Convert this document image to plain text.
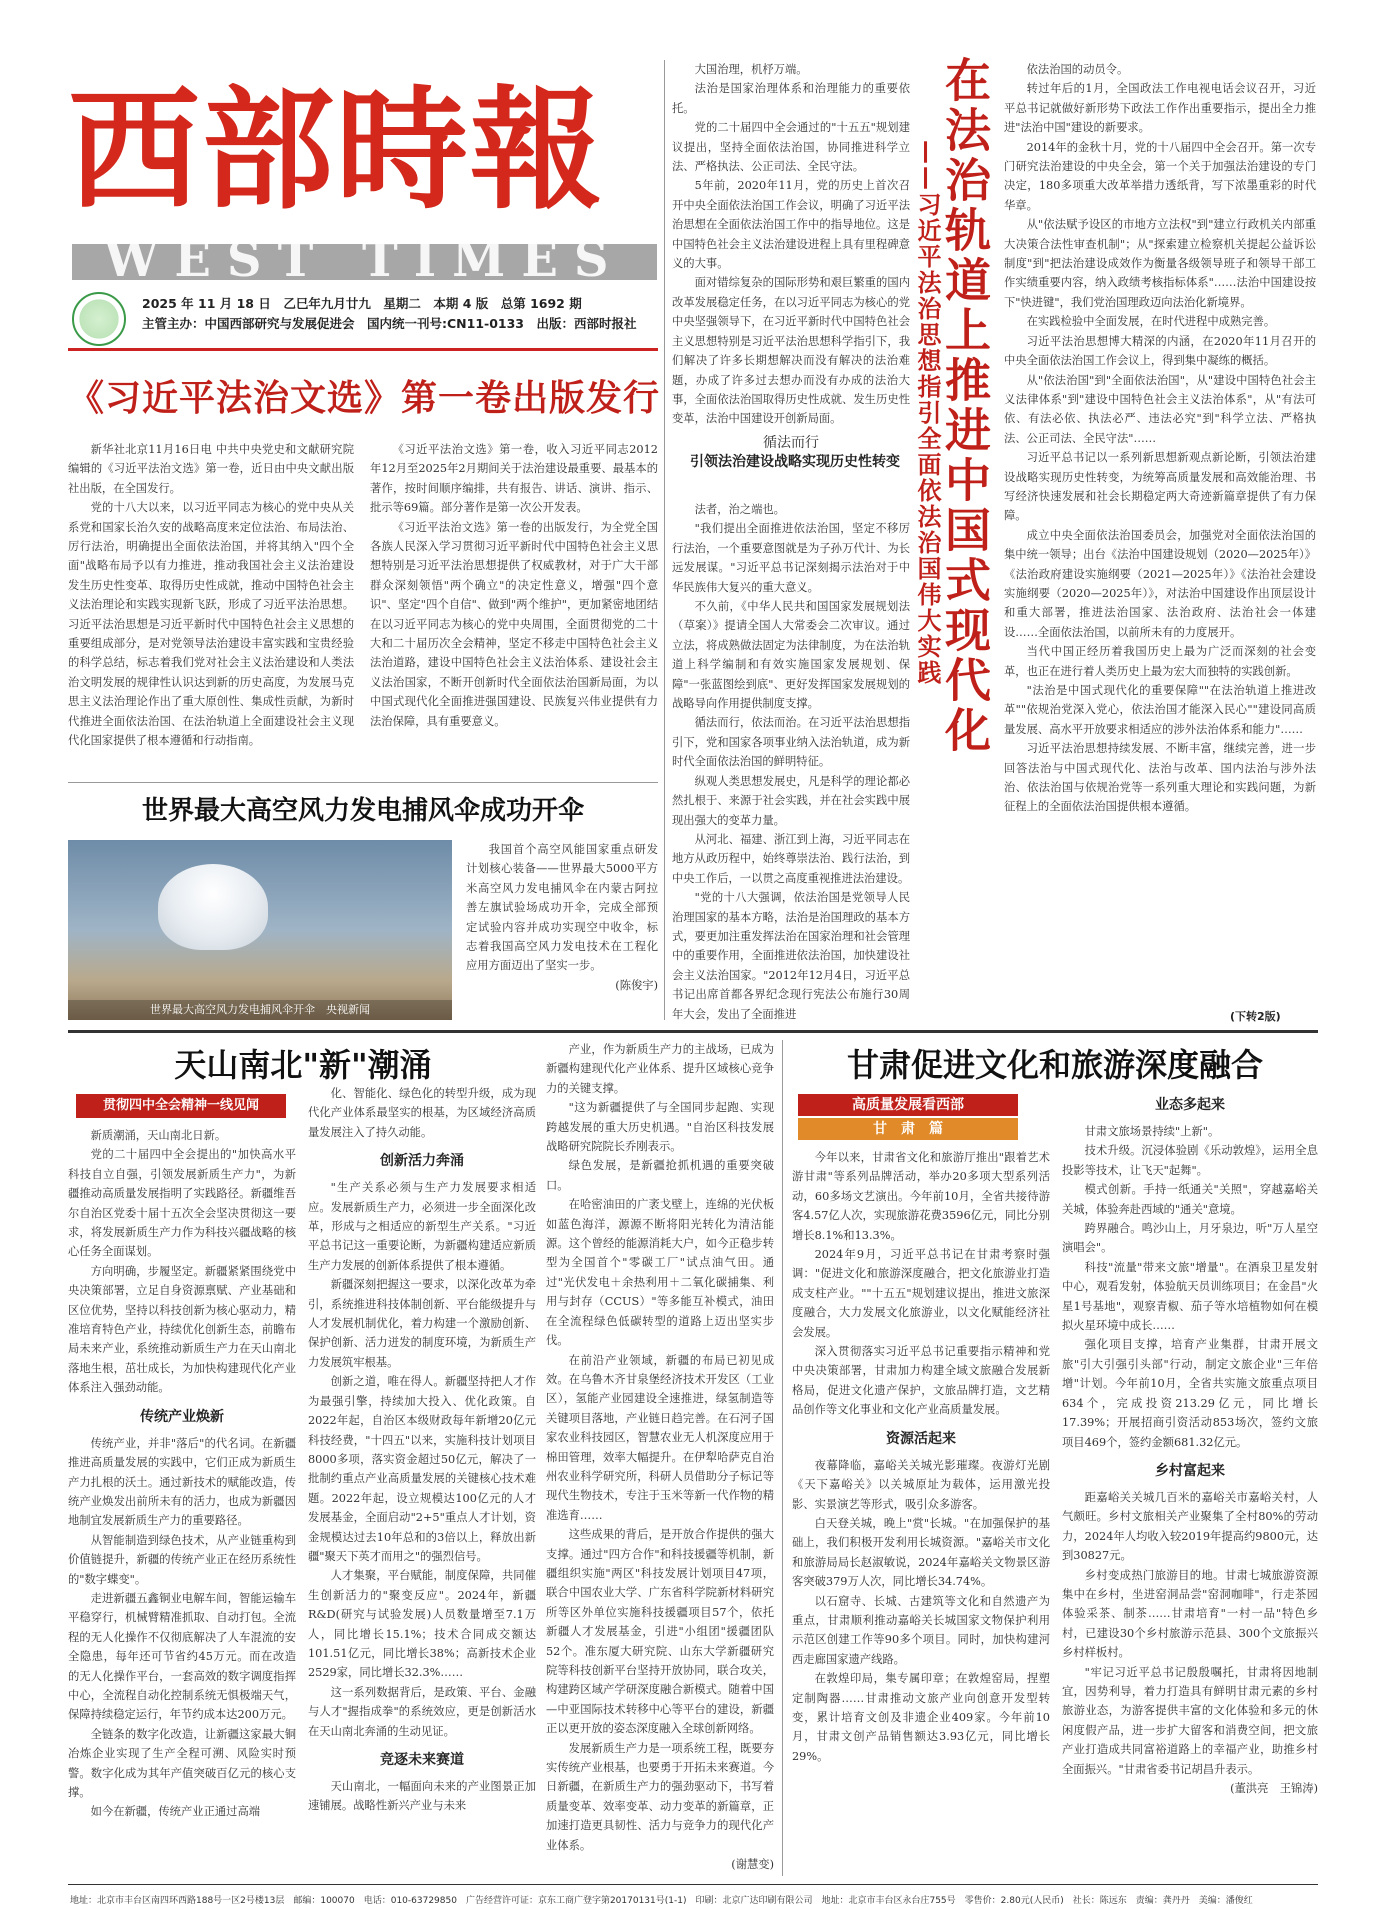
西部時報
WEST TIMES
2025 年 11 月 18 日　乙巳年九月廿九　星期二　本期 4 版　总第 1692 期
主管主办：中国西部研究与发展促进会　国内统一刊号:CN11-0133　出版：西部时报社
《习近平法治文选》第一卷出版发行

新华社北京11月16日电 中共中央党史和文献研究院编辑的《习近平法治文选》第一卷，近日由中央文献出版社出版，在全国发行。

党的十八大以来，以习近平同志为核心的党中央从关系党和国家长治久安的战略高度来定位法治、布局法治、厉行法治，明确提出全面依法治国，并将其纳入"四个全面"战略布局予以有力推进，推动我国社会主义法治建设发生历史性变革、取得历史性成就，推动中国特色社会主义法治理论和实践实现新飞跃，形成了习近平法治思想。习近平法治思想是习近平新时代中国特色社会主义思想的重要组成部分，是对党领导法治建设丰富实践和宝贵经验的科学总结，标志着我们党对社会主义法治建设和人类法治文明发展的规律性认识达到新的历史高度，为发展马克思主义法治理论作出了重大原创性、集成性贡献，为新时代推进全面依法治国、在法治轨道上全面建设社会主义现代化国家提供了根本遵循和行动指南。

《习近平法治文选》第一卷，收入习近平同志2012年12月至2025年2月期间关于法治建设最重要、最基本的著作，按时间顺序编排，共有报告、讲话、演讲、指示、批示等69篇。部分著作是第一次公开发表。

《习近平法治文选》第一卷的出版发行，为全党全国各族人民深入学习贯彻习近平新时代中国特色社会主义思想特别是习近平法治思想提供了权威教材，对于广大干部群众深刻领悟"两个确立"的决定性意义，增强"四个意识"、坚定"四个自信"、做到"两个维护"，更加紧密地团结在以习近平同志为核心的党中央周围，全面贯彻党的二十大和二十届历次全会精神，坚定不移走中国特色社会主义法治道路，建设中国特色社会主义法治体系、建设社会主义法治国家，不断开创新时代全面依法治国新局面，为以中国式现代化全面推进强国建设、民族复兴伟业提供有力法治保障，具有重要意义。

世界最大高空风力发电捕风伞成功开伞
世界最大高空风力发电捕风伞开伞　央视新闻

我国首个高空风能国家重点研发计划核心装备——世界最大5000平方米高空风力发电捕风伞在内蒙古阿拉善左旗试验场成功开伞，完成全部预定试验内容并成功实现空中收伞，标志着我国高空风力发电技术在工程化应用方面迈出了坚实一步。

(陈俊宇)

大国治理，机杼万端。

法治是国家治理体系和治理能力的重要依托。

党的二十届四中全会通过的"十五五"规划建议提出，坚持全面依法治国，协同推进科学立法、严格执法、公正司法、全民守法。

5年前，2020年11月，党的历史上首次召开中央全面依法治国工作会议，明确了习近平法治思想在全面依法治国工作中的指导地位。这是中国特色社会主义法治建设进程上具有里程碑意义的大事。

面对错综复杂的国际形势和艰巨繁重的国内改革发展稳定任务，在以习近平同志为核心的党中央坚强领导下，在习近平新时代中国特色社会主义思想特别是习近平法治思想科学指引下，我们解决了许多长期想解决而没有解决的法治难题，办成了许多过去想办而没有办成的法治大事，全面依法治国取得历史性成就、发生历史性变革，法治中国建设开创新局面。

循法而行
引领法治建设战略实现历史性转变

法者，治之端也。

"我们提出全面推进依法治国，坚定不移厉行法治，一个重要意图就是为子孙万代计、为长远发展谋。"习近平总书记深刻揭示法治对于中华民族伟大复兴的重大意义。

不久前，《中华人民共和国国家发展规划法（草案）》提请全国人大常委会二次审议。通过立法，将成熟做法固定为法律制度，为在法治轨道上科学编制和有效实施国家发展规划、保障"一张蓝图绘到底"、更好发挥国家发展规划的战略导向作用提供制度支撑。

循法而行，依法而治。在习近平法治思想指引下，党和国家各项事业纳入法治轨道，成为新时代全面依法治国的鲜明特征。

纵观人类思想发展史，凡是科学的理论都必然扎根于、来源于社会实践，并在社会实践中展现出强大的变革力量。

从河北、福建、浙江到上海，习近平同志在地方从政历程中，始终尊崇法治、践行法治，到中央工作后，一以贯之高度重视推进法治建设。

"党的十八大强调，依法治国是党领导人民治理国家的基本方略，法治是治国理政的基本方式，要更加注重发挥法治在国家治理和社会管理中的重要作用，全面推进依法治国，加快建设社会主义法治国家。"2012年12月4日，习近平总书记出席首都各界纪念现行宪法公布施行30周年大会，发出了全面推进

在法治轨道上推进中国式现代化
——习近平法治思想指引全面依法治国伟大实践

依法治国的动员令。

转过年后的1月，全国政法工作电视电话会议召开，习近平总书记就做好新形势下政法工作作出重要指示，提出全力推进"法治中国"建设的新要求。

2014年的金秋十月，党的十八届四中全会召开。第一次专门研究法治建设的中央全会，第一个关于加强法治建设的专门决定，180多项重大改革举措力透纸背，写下浓墨重彩的时代华章。

从"依法赋予设区的市地方立法权"到"建立行政机关内部重大决策合法性审查机制"；从"探索建立检察机关提起公益诉讼制度"到"把法治建设成效作为衡量各级领导班子和领导干部工作实绩重要内容，纳入政绩考核指标体系"……法治中国建设按下"快进键"，我们党治国理政迈向法治化新境界。

在实践检验中全面发展，在时代进程中成熟完善。

习近平法治思想博大精深的内涵，在2020年11月召开的中央全面依法治国工作会议上，得到集中凝练的概括。

从"依法治国"到"全面依法治国"，从"建设中国特色社会主义法律体系"到"建设中国特色社会主义法治体系"，从"有法可依、有法必依、执法必严、违法必究"到"科学立法、严格执法、公正司法、全民守法"……

习近平总书记以一系列新思想新观点新论断，引领法治建设战略实现历史性转变，为统筹高质量发展和高效能治理、书写经济快速发展和社会长期稳定两大奇迹新篇章提供了有力保障。

成立中央全面依法治国委员会，加强党对全面依法治国的集中统一领导；出台《法治中国建设规划（2020—2025年）》《法治政府建设实施纲要（2021—2025年）》《法治社会建设实施纲要（2020—2025年）》，对法治中国建设作出顶层设计和重大部署，推进法治国家、法治政府、法治社会一体建设……全面依法治国，以前所未有的力度展开。

当代中国正经历着我国历史上最为广泛而深刻的社会变革，也正在进行着人类历史上最为宏大而独特的实践创新。

"法治是中国式现代化的重要保障""在法治轨道上推进改革""依规治党深入党心，依法治国才能深入民心""建设同高质量发展、高水平开放要求相适应的涉外法治体系和能力"……

习近平法治思想持续发展、不断丰富，继续完善，进一步回答法治与中国式现代化、法治与改革、国内法治与涉外法治、依法治国与依规治党等一系列重大理论和实践问题，为新征程上的全面依法治国提供根本遵循。

(下转2版)
天山南北"新"潮涌
贯彻四中全会精神一线见闻

新质潮涌，天山南北日新。

党的二十届四中全会提出的"加快高水平科技自立自强，引领发展新质生产力"，为新疆推动高质量发展指明了实践路径。新疆维吾尔自治区党委十届十五次全会坚决贯彻这一要求，将发展新质生产力作为科技兴疆战略的核心任务全面谋划。

方向明确，步履坚定。新疆紧紧围绕党中央决策部署，立足自身资源禀赋、产业基础和区位优势，坚持以科技创新为核心驱动力，精准培育特色产业，持续优化创新生态，前瞻布局未来产业，系统推动新质生产力在天山南北落地生根，茁壮成长，为加快构建现代化产业体系注入强劲动能。

传统产业焕新

传统产业，并非"落后"的代名词。在新疆推进高质量发展的实践中，它们正成为新质生产力扎根的沃土。通过新技术的赋能改造，传统产业焕发出前所未有的活力，也成为新疆因地制宜发展新质生产力的重要路径。

从智能制造到绿色技术，从产业链重构到价值链提升，新疆的传统产业正在经历系统性的"数字蝶变"。

走进新疆五鑫铜业电解车间，智能运输车平稳穿行，机械臂精准抓取、自动打包。全流程的无人化操作不仅彻底解决了人车混流的安全隐患，每年还可节省约45万元。而在改造的无人化操作平台，一套高效的数字调度指挥中心，全流程自动化控制系统无惧极端天气，保障持续稳定运行，年节约成本达200万元。

全链条的数字化改造，让新疆这家最大铜冶炼企业实现了生产全程可溯、风险实时预警。数字化成为其年产值突破百亿元的核心支撑。

如今在新疆，传统产业正通过高端

化、智能化、绿色化的转型升级，成为现代化产业体系最坚实的根基，为区域经济高质量发展注入了持久动能。

创新活力奔涌

"生产关系必须与生产力发展要求相适应。发展新质生产力，必须进一步全面深化改革，形成与之相适应的新型生产关系。"习近平总书记这一重要论断，为新疆构建适应新质生产力发展的创新体系提供了根本遵循。

新疆深刻把握这一要求，以深化改革为牵引，系统推进科技体制创新、平台能级提升与人才发展机制优化，着力构建一个激励创新、保护创新、活力迸发的制度环境，为新质生产力发展筑牢根基。

创新之道，唯在得人。新疆坚持把人才作为最强引擎，持续加大投入、优化政策。自2022年起，自治区本级财政每年新增20亿元科技经费，"十四五"以来，实施科技计划项目8000多项，落实资金超过50亿元，解决了一批制约重点产业高质量发展的关键核心技术难题。2022年起，设立规模达100亿元的人才发展基金，全面启动"2+5"重点人才计划，资金规模达过去10年总和的3倍以上，释放出新疆"聚天下英才而用之"的强烈信号。

人才集聚，平台赋能，制度保障，共同催生创新活力的"聚变反应"。2024年，新疆R&D(研究与试验发展)人员数量增至7.1万人，同比增长15.1%；技术合同成交额达101.51亿元，同比增长38%；高新技术企业2529家，同比增长32.3%……

这一系列数据背后，是政策、平台、金融与人才"握指成拳"的系统效应，更是创新活水在天山南北奔涌的生动见证。

竞逐未来赛道

天山南北，一幅面向未来的产业图景正加速铺展。战略性新兴产业与未来

产业，作为新质生产力的主战场，已成为新疆构建现代化产业体系、提升区域核心竞争力的关键支撑。

"这为新疆提供了与全国同步起跑、实现跨越发展的重大历史机遇。"自治区科技发展战略研究院院长乔刚表示。

绿色发展，是新疆抢抓机遇的重要突破口。

在哈密油田的广袤戈壁上，连绵的光伏板如蓝色海洋，源源不断将阳光转化为清洁能源。这个曾经的能源消耗大户，如今正稳步转型为全国首个"零碳工厂"试点油气田。通过"光伏发电＋余热利用＋二氧化碳捕集、利用与封存（CCUS）"等多能互补模式，油田在全流程绿色低碳转型的道路上迈出坚实步伐。

在前沿产业领域，新疆的布局已初见成效。在乌鲁木齐甘泉堡经济技术开发区（工业区），氢能产业园建设全速推进，绿氢制造等关键项目落地，产业链日趋完善。在石河子国家农业科技园区，智慧农业无人机深度应用于棉田管理，效率大幅提升。在伊犁哈萨克自治州农业科学研究所，科研人员借助分子标记等现代生物技术，专注于玉米等新一代作物的精准选育……

这些成果的背后，是开放合作提供的强大支撑。通过"四方合作"和科技援疆等机制，新疆组织实施"两区"科技发展计划项目47项，联合中国农业大学、广东省科学院新材料研究所等区外单位实施科技援疆项目57个，依托新疆人才发展基金，引进"小组团"援疆团队52个。准东厦大研究院、山东大学新疆研究院等科技创新平台坚持开放协同，联合攻关，构建跨区域产学研深度融合新模式。随着中国—中亚国际技术转移中心等平台的建设，新疆正以更开放的姿态深度融入全球创新网络。

发展新质生产力是一项系统工程，既要夯实传统产业根基，也要勇于开拓未来赛道。今日新疆，在新质生产力的强劲驱动下，书写着质量变革、效率变革、动力变革的新篇章，正加速打造更具韧性、活力与竞争力的现代化产业体系。

(谢慧变)

甘肃促进文化和旅游深度融合
高质量发展看西部
甘　肃　篇

今年以来，甘肃省文化和旅游厅推出"跟着艺术游甘肃"等系列品牌活动，举办20多项大型系列活动，60多场文艺演出。今年前10月，全省共接待游客4.57亿人次，实现旅游花费3596亿元，同比分别增长8.1%和13.3%。

2024年9月，习近平总书记在甘肃考察时强调："促进文化和旅游深度融合，把文化旅游业打造成支柱产业。""十五五"规划建议提出，推进文旅深度融合，大力发展文化旅游业，以文化赋能经济社会发展。

深入贯彻落实习近平总书记重要指示精神和党中央决策部署，甘肃加力构建全域文旅融合发展新格局，促进文化遗产保护，文旅品牌打造，文艺精品创作等文化事业和文化产业高质量发展。

资源活起来

夜幕降临，嘉峪关关城光影璀璨。夜游灯光剧《天下嘉峪关》以关城原址为载体，运用激光投影、实景演艺等形式，吸引众多游客。

白天登关城，晚上"赏"长城。"在加强保护的基础上，我们积极开发利用长城资源。"嘉峪关市文化和旅游局局长赵淑敏说，2024年嘉峪关文物景区游客突破379万人次，同比增长34.74%。

以石窟寺、长城、古建筑等文化和自然遗产为重点，甘肃顺利推动嘉峪关长城国家文物保护利用示范区创建工作等90多个项目。同时，加快构建河西走廊国家遗产线路。

在敦煌印局，集专属印章；在敦煌窑局，捏塑定制陶器……甘肃推动文旅产业向创意开发型转变，累计培育文创及非遗企业409家。今年前10月，甘肃文创产品销售额达3.93亿元，同比增长29%。

业态多起来

甘肃文旅场景持续"上新"。

技术升级。沉浸体验剧《乐动敦煌》，运用全息投影等技术，让飞天"起舞"。

模式创新。手持一纸通关"关照"，穿越嘉峪关关城，体验奔赴西域的"通关"意境。

跨界融合。鸣沙山上，月牙泉边，听"万人星空演唱会"。

科技"流量"带来文旅"增量"。在酒泉卫星发射中心，观看发射，体验航天员训练项目；在金昌"火星1号基地"，观察青椒、茄子等水培植物如何在模拟火星环境中成长……

强化项目支撑，培育产业集群，甘肃开展文旅"引大引强引头部"行动，制定文旅企业"三年倍增"计划。今年前10月，全省共实施文旅重点项目634个，完成投资213.29亿元，同比增长17.39%；开展招商引资活动853场次，签约文旅项目469个，签约金额681.32亿元。

乡村富起来

距嘉峪关关城几百米的嘉峪关市嘉峪关村，人气颇旺。乡村文旅相关产业聚集了全村80%的劳动力，2024年人均收入较2019年提高约9800元，达到30827元。

乡村变成热门旅游目的地。甘肃七城旅游资源集中在乡村，坐进窑洞品尝"窑洞咖啡"，行走茶园体验采茶、制茶……甘肃培育"一村一品"特色乡村，已建设30个乡村旅游示范县、300个文旅振兴乡村样板村。

"牢记习近平总书记殷殷嘱托，甘肃将因地制宜，因势利导，着力打造具有鲜明甘肃元素的乡村旅游业态，为游客提供丰富的文化体验和多元的休闲度假产品，进一步扩大留客和消费空间，把文旅产业打造成共同富裕道路上的幸福产业，助推乡村全面振兴。"甘肃省委书记胡昌升表示。

(董洪亮　王锦涛)

地址：北京市丰台区南四环西路188号一区2号楼13层　邮编：100070　电话：010-63729850　广告经营许可证：京东工商广登字第20170131号(1-1)　印刷：北京广达印刷有限公司　地址：北京市丰台区永台庄755号　零售价：2.80元(人民币)　社长：陈远东　责编：龚丹丹　美编：潘俊红
